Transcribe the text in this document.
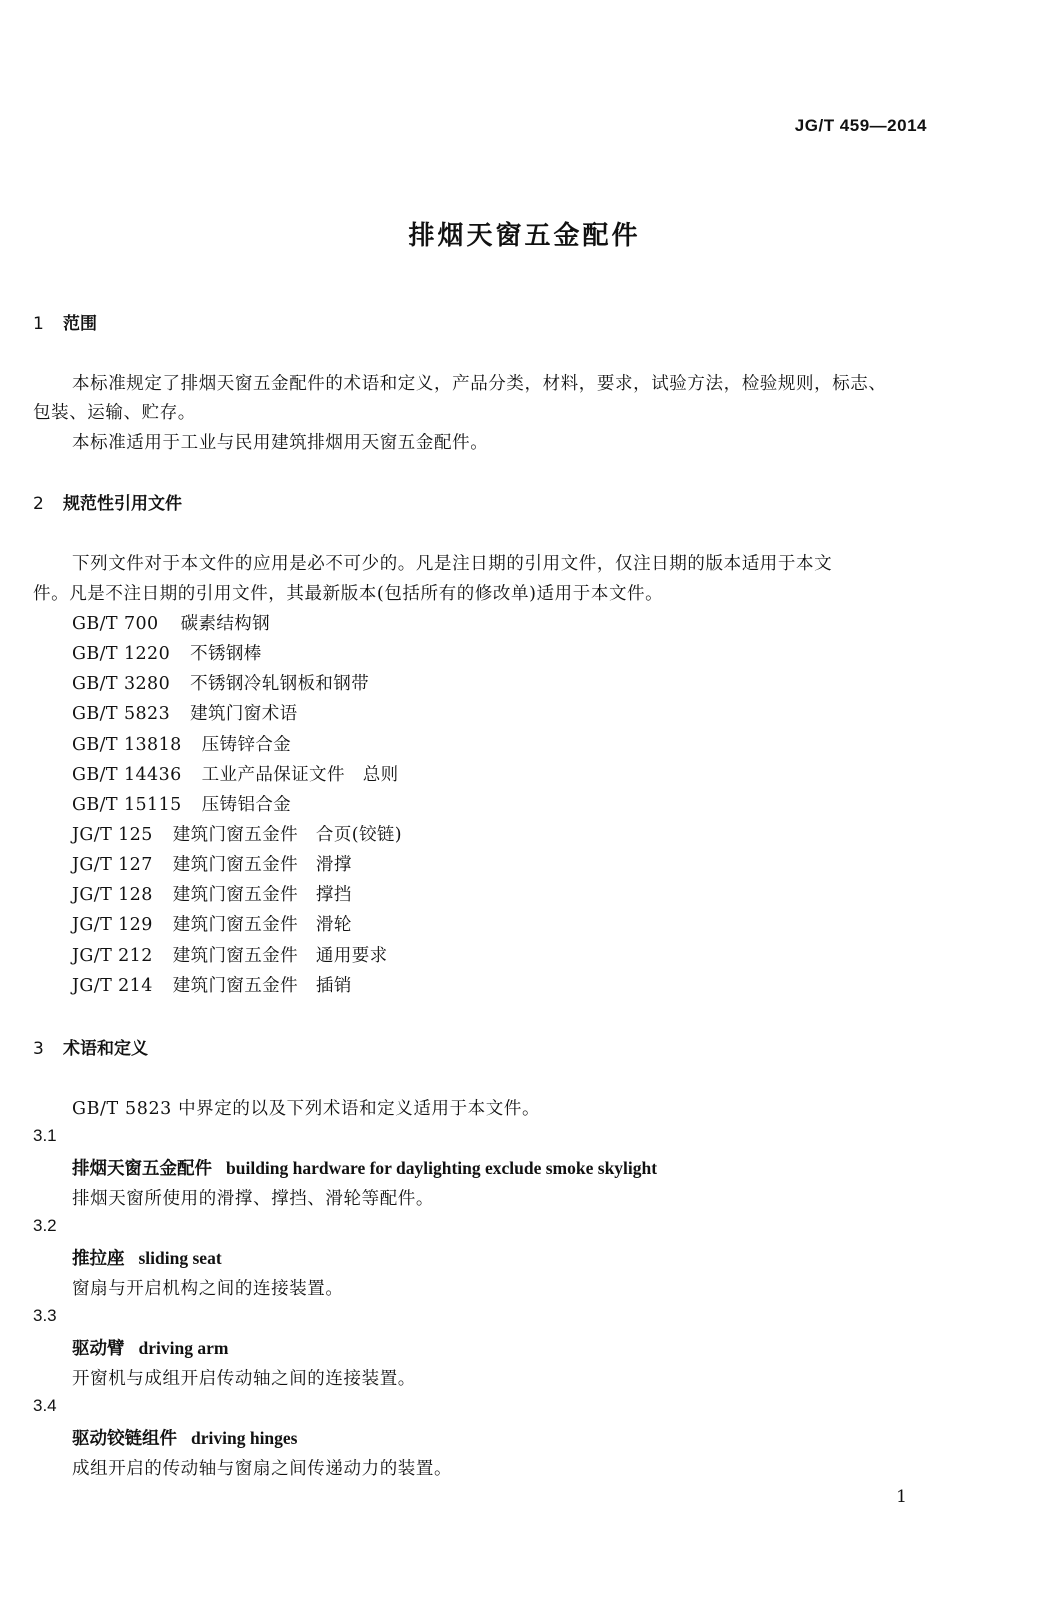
JG/T 459—2014
排烟天窗五金配件
1 范围
本标准规定了排烟天窗五金配件的术语和定义，产品分类，材料，要求，试验方法，检验规则，标志、
包装、运输、贮存。
本标准适用于工业与民用建筑排烟用天窗五金配件。
2 规范性引用文件
下列文件对于本文件的应用是必不可少的。凡是注日期的引用文件，仅注日期的版本适用于本文
件。凡是不注日期的引用文件，其最新版本(包括所有的修改单)适用于本文件。
GB/T 700 碳素结构钢
GB/T 1220 不锈钢棒
GB/T 3280 不锈钢冷轧钢板和钢带
GB/T 5823 建筑门窗术语
GB/T 13818 压铸锌合金
GB/T 14436 工业产品保证文件　总则
GB/T 15115 压铸铝合金
JG/T 125 建筑门窗五金件　合页(铰链)
JG/T 127 建筑门窗五金件　滑撑
JG/T 128 建筑门窗五金件　撑挡
JG/T 129 建筑门窗五金件　滑轮
JG/T 212 建筑门窗五金件　通用要求
JG/T 214 建筑门窗五金件　插销
3 术语和定义
GB/T 5823 中界定的以及下列术语和定义适用于本文件。
3.1
排烟天窗五金配件 building hardware for daylighting exclude smoke skylight
排烟天窗所使用的滑撑、撑挡、滑轮等配件。
3.2
推拉座 sliding seat
窗扇与开启机构之间的连接装置。
3.3
驱动臂 driving arm
开窗机与成组开启传动轴之间的连接装置。
3.4
驱动铰链组件 driving hinges
成组开启的传动轴与窗扇之间传递动力的装置。
1
